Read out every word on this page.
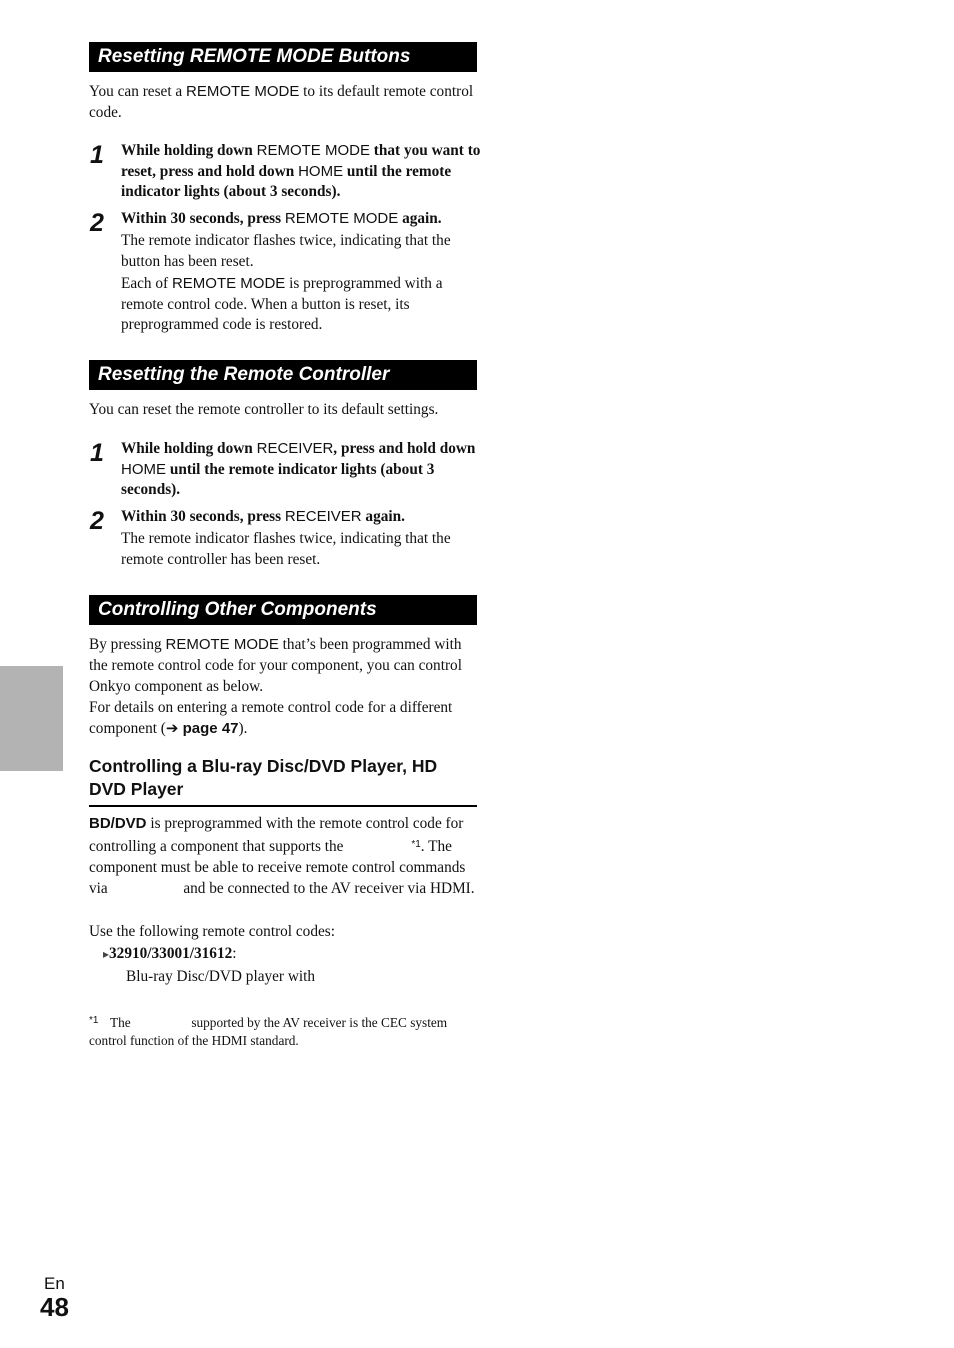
Resetting REMOTE MODE Buttons
You can reset a REMOTE MODE to its default remote control code.
1	While holding down REMOTE MODE that you want to reset, press and hold down HOME until the remote indicator lights (about 3 seconds).
2	Within 30 seconds, press REMOTE MODE again.
The remote indicator flashes twice, indicating that the button has been reset.
Each of REMOTE MODE is preprogrammed with a remote control code. When a button is reset, its preprogrammed code is restored.
Resetting the Remote Controller
You can reset the remote controller to its default settings.
1	While holding down RECEIVER, press and hold down HOME until the remote indicator lights (about 3 seconds).
2	Within 30 seconds, press RECEIVER again.
The remote indicator flashes twice, indicating that the remote controller has been reset.
Controlling Other Components
By pressing REMOTE MODE that’s been programmed with the remote control code for your component, you can control Onkyo component as below.
For details on entering a remote control code for a different component (➔ page 47).
Controlling a Blu-ray Disc/DVD Player, HD DVD Player
BD/DVD is preprogrammed with the remote control code for controlling a component that supports the	$^{*1}$. The component must be able to receive remote control commands via	and be connected to the AV receiver via HDMI.
Use the following remote control codes:
▸32910/33001/31612:
Blu-ray Disc/DVD player with
*1 The	supported by the AV receiver is the CEC system control function of the HDMI standard.
En
48
